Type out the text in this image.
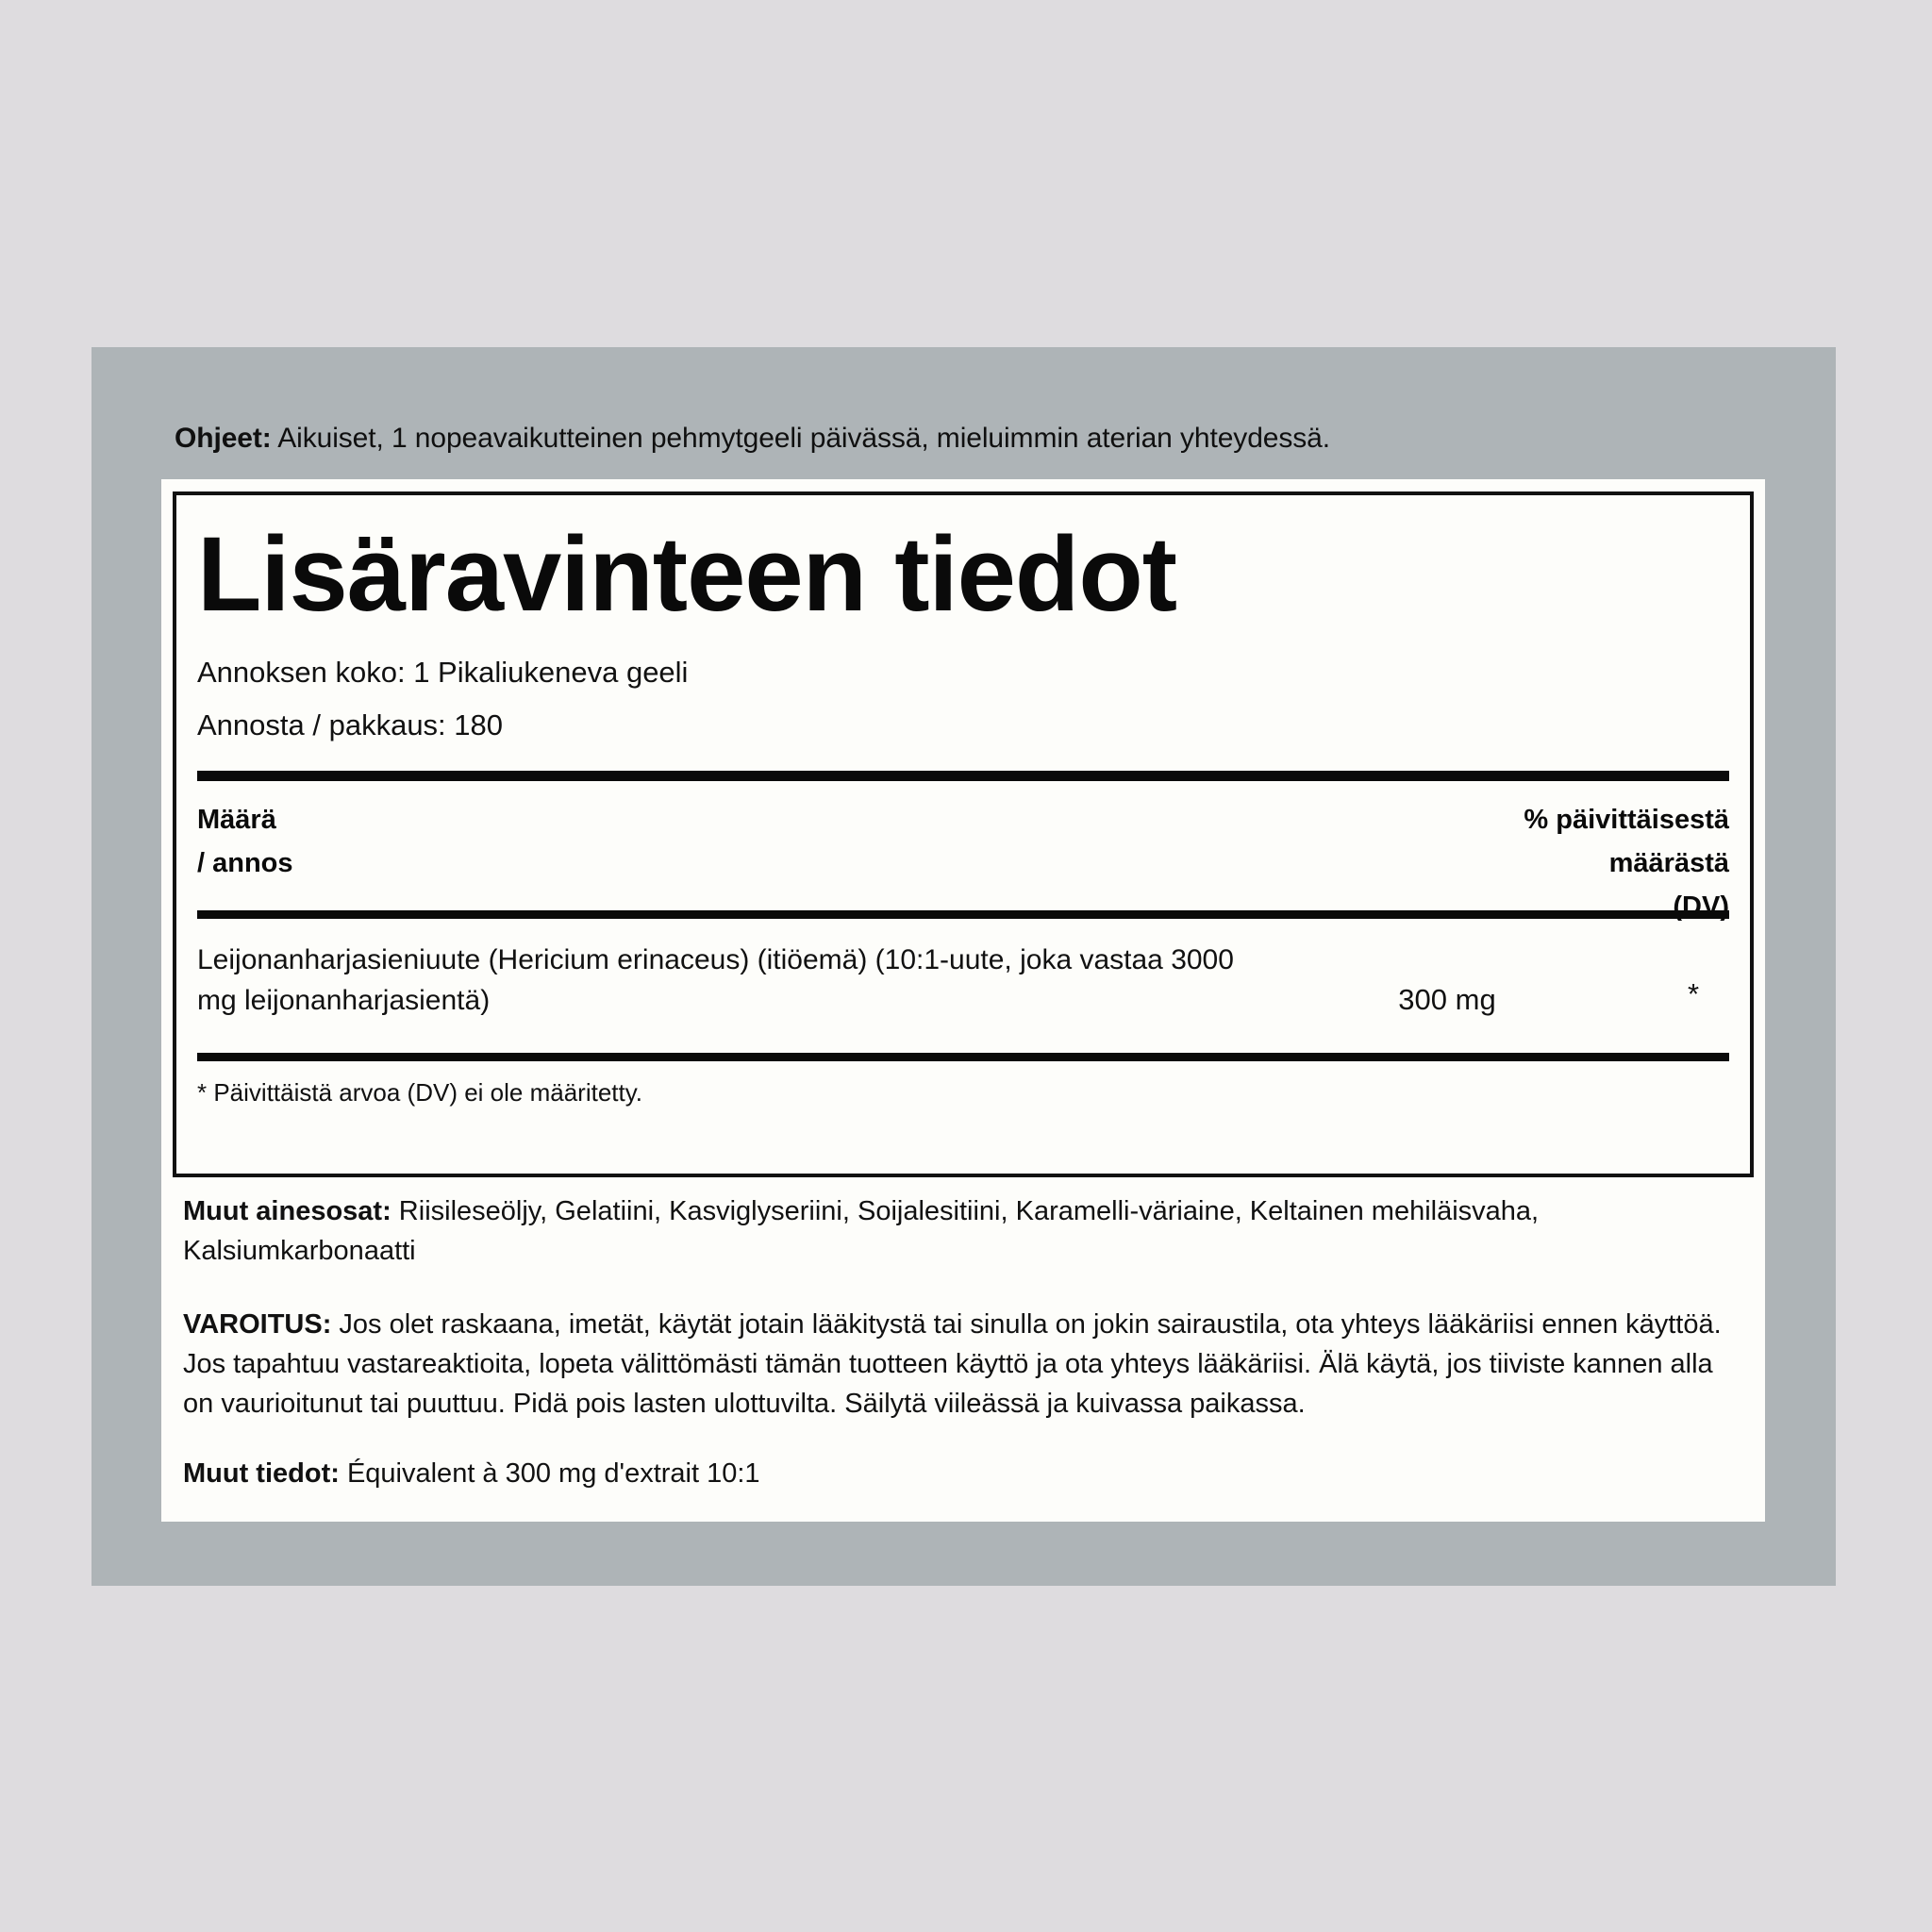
Ohjeet: Aikuiset, 1 nopeavaikutteinen pehmytgeeli päivässä, mieluimmin aterian yhteydessä.
Lisäravinteen tiedot
Annoksen koko: 1 Pikaliukeneva geeli
Annosta / pakkaus: 180
Määrä
/ annos
% päivittäisestä
määrästä
(DV)
Leijonanharjasieniuute (Hericium erinaceus) (itiöemä) (10:1-uute, joka vastaa 3000 mg leijonanharjasientä)	300 mg	*
* Päivittäistä arvoa (DV) ei ole määritetty.

Muut ainesosat: Riisileseöljy, Gelatiini, Kasviglyseriini, Soijalesitiini, Karamelli-väriaine, Keltainen mehiläisvaha, Kalsiumkarbonaatti

VAROITUS: Jos olet raskaana, imetät, käytät jotain lääkitystä tai sinulla on jokin sairaustila, ota yhteys lääkäriisi ennen käyttöä. Jos tapahtuu vastareaktioita, lopeta välittömästi tämän tuotteen käyttö ja ota yhteys lääkäriisi. Älä käytä, jos tiiviste kannen alla on vaurioitunut tai puuttuu. Pidä pois lasten ulottuvilta. Säilytä viileässä ja kuivassa paikassa.

Muut tiedot: Équivalent à 300 mg d'extrait 10:1
